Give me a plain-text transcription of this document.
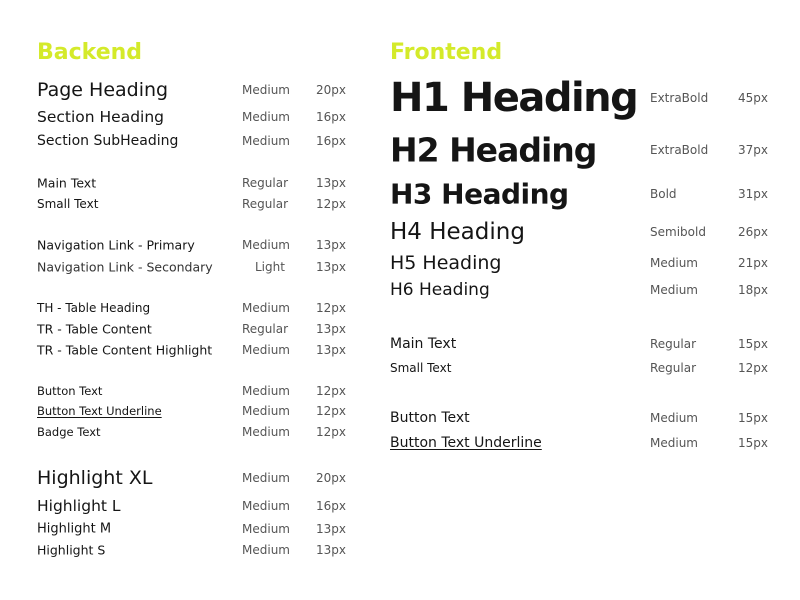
Backend
Page Heading	Medium 20px
Section Heading	Medium 16px
Section SubHeading	Medium 16px
Main Text	Regular 13px
Small Text	Regular 12px
Navigation Link - Primary	Medium 13px
Navigation Link - Secondary	Light	13px
TH - Table Heading	Medium 12px
TR - Table Content	Regular 13px
TR - Table Content Highlight Medium 13px
Button Text	Medium 12px
Button Text Underline	Medium 12px
Badge Text	Medium 12px
Highlight XL	Medium 20px
Highlight L	Medium 16px
Highlight M	Medium 13px
Highlight S	Medium 13px
Frontend
H1 Heading ExtraBold 45px
H2 Heading	ExtraBold 37px
H3 Heading	Bold	31px
H4 Heading	Semibold	26px
H5 Heading	Medium	21px
H6 Heading	Medium	18px
Main Text	Regular	15px
Small Text	Regular	12px
Button Text	Medium	15px
Button Text Underline	Medium	15px
